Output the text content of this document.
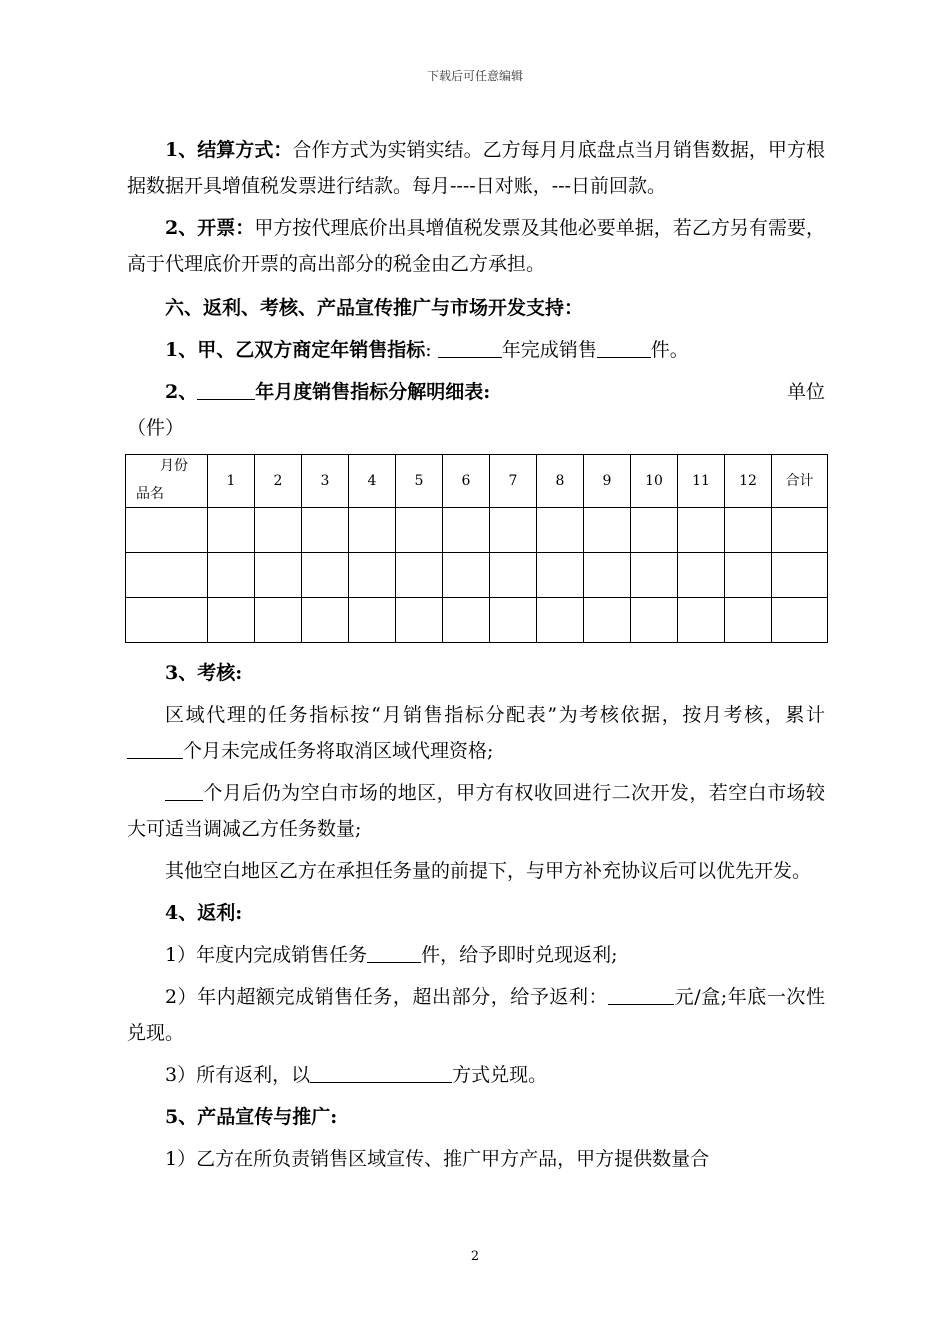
下载后可任意编辑

1、结算方式：合作方式为实销实结。乙方每月月底盘点当月销售数据，甲方根据数据开具增值税发票进行结款。每月----日对账，---日前回款。

2、开票：甲方按代理底价出具增值税发票及其他必要单据，若乙方另有需要，高于代理底价开票的高出部分的税金由乙方承担。

六、返利、考核、产品宣传推广与市场开发支持：

1、甲、乙双方商定年销售指标:	年完成销售	件。

2、	年月度销售指标分解明细表:	单位

（件）

月份
品名	1	2	3	4	5	6	7	8	9	10	11	12	合计

3、考核:

区域代理的任务指标按“月销售指标分配表”为考核依据，按月考核，累计个月未完成任务将取消区域代理资格;

个月后仍为空白市场的地区，甲方有权收回进行二次开发，若空白市场较大可适当调减乙方任务数量;

其他空白地区乙方在承担任务量的前提下，与甲方补充协议后可以优先开发。

4、返利:

1）年度内完成销售任务	件，给予即时兑现返利;

2）年内超额完成销售任务，超出部分，给予返利：	元/盒;年底一次性兑现。

3）所有返利，以	方式兑现。

5、产品宣传与推广:

1）乙方在所负责销售区域宣传、推广甲方产品，甲方提供数量合

2
